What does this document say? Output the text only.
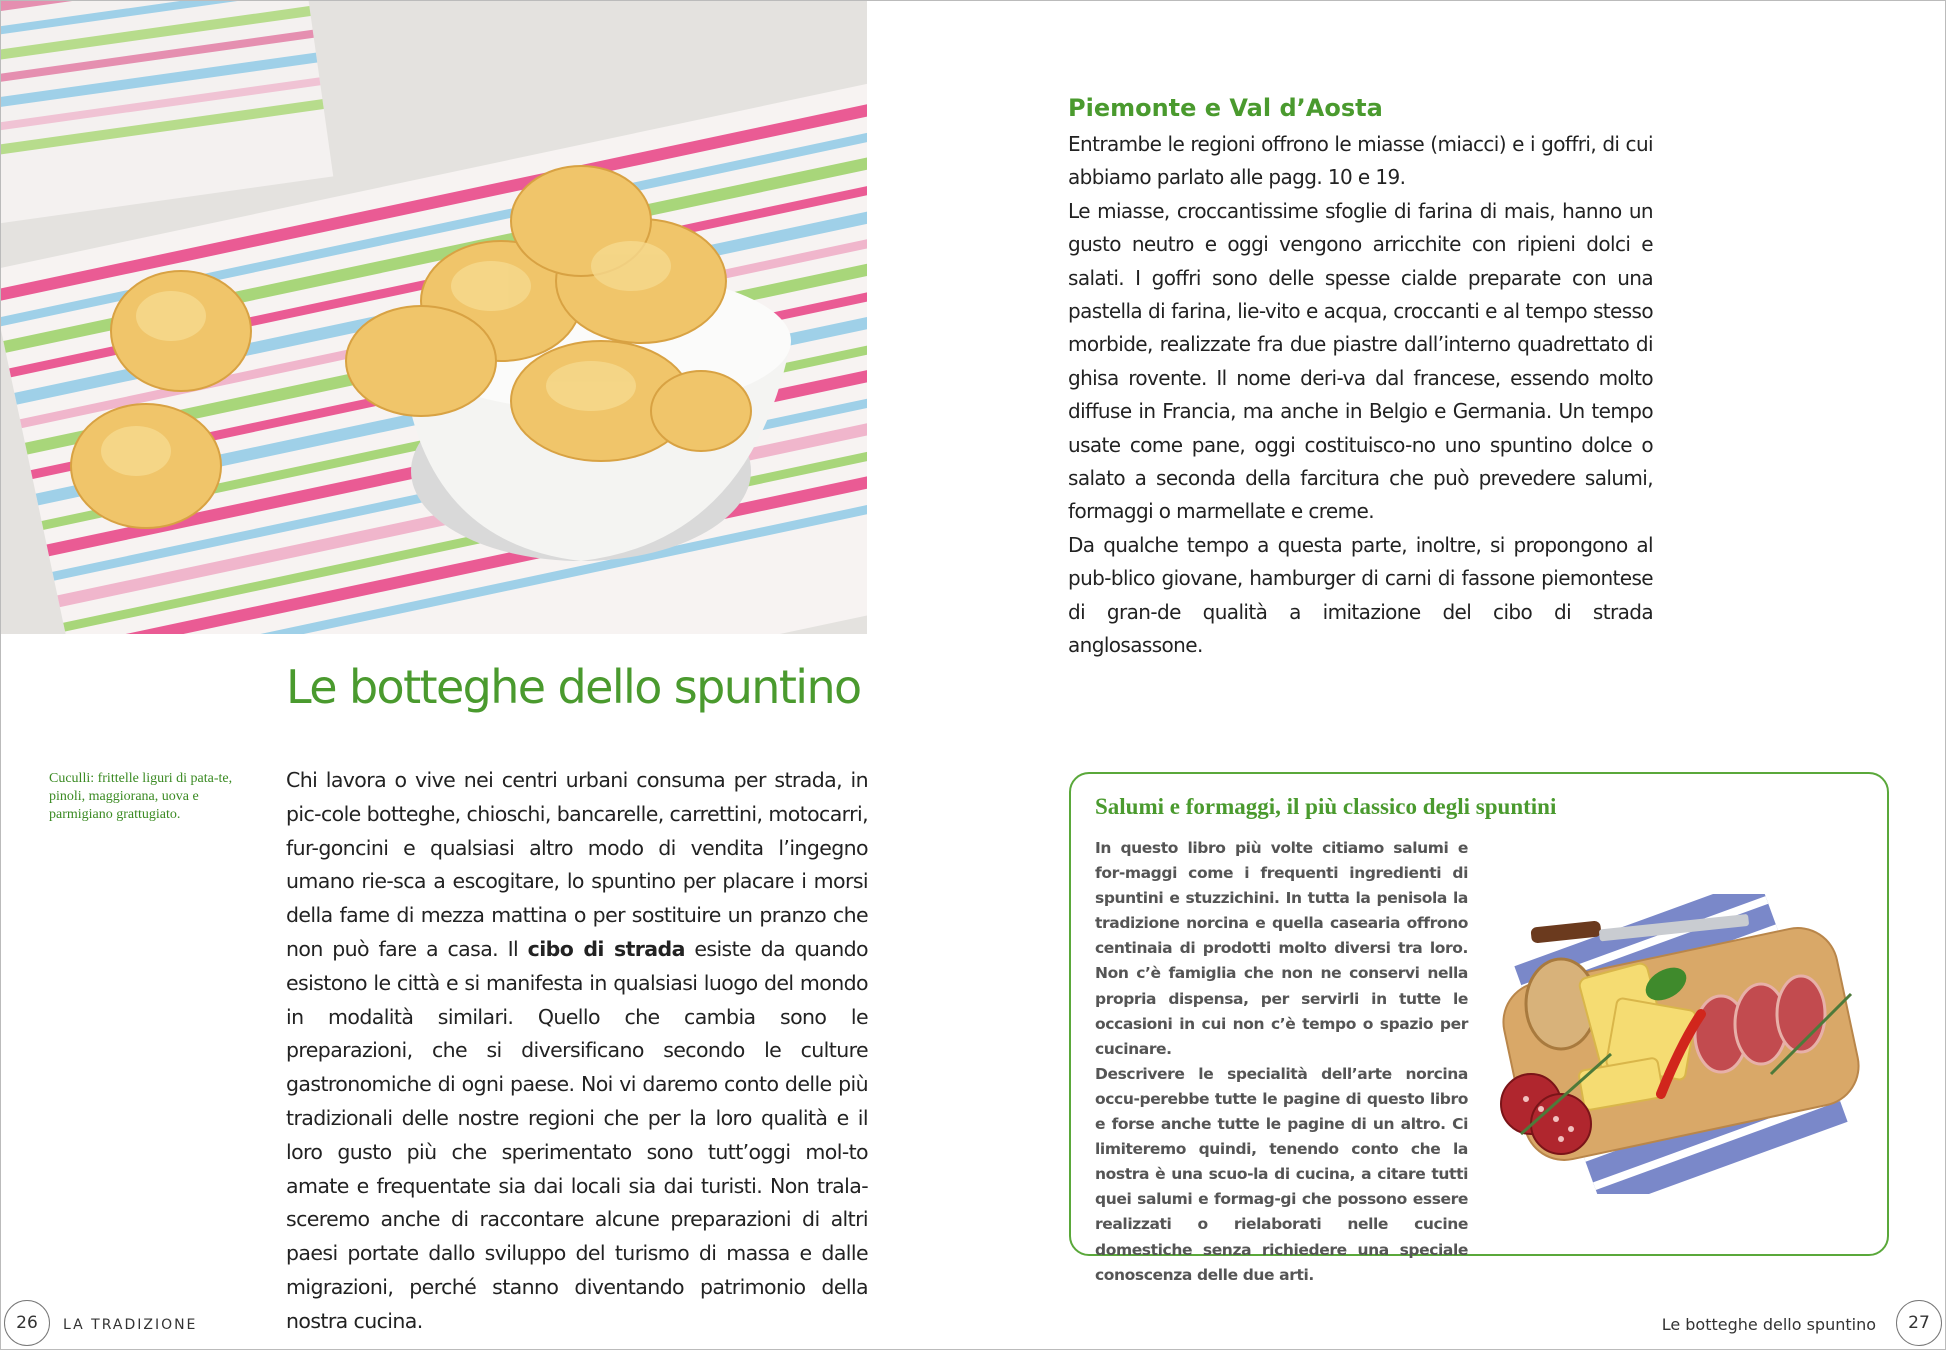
Piemonte e Val d’Aosta

Entrambe le regioni offrono le miasse (miacci) e i goffri, di cui abbiamo parlato alle pagg. 10 e 19.

Le miasse, croccantissime sfoglie di farina di mais, hanno un gusto neutro e oggi vengono arricchite con ripieni dolci e salati. I goffri sono delle spesse cialde preparate con una pastella di farina, lie-vito e acqua, croccanti e al tempo stesso morbide, realizzate fra due piastre dall’interno quadrettato di ghisa rovente. Il nome deri-va dal francese, essendo molto diffuse in Francia, ma anche in Belgio e Germania. Un tempo usate come pane, oggi costituisco-no uno spuntino dolce o salato a seconda della farcitura che può prevedere salumi, formaggi o marmellate e creme.

Da qualche tempo a questa parte, inoltre, si propongono al pub-blico giovane, hamburger di carni di fassone piemontese di gran-de qualità a imitazione del cibo di strada anglosassone.

Le botteghe dello spuntino
Cuculli: frittelle liguri di pata-te, pinoli, maggiorana, uova e parmigiano grattugiato.

Chi lavora o vive nei centri urbani consuma per strada, in pic-cole botteghe, chioschi, bancarelle, carrettini, motocarri, fur-goncini e qualsiasi altro modo di vendita l’ingegno umano rie-sca a escogitare, lo spuntino per placare i morsi della fame di mezza mattina o per sostituire un pranzo che non può fare a casa. Il cibo di strada esiste da quando esistono le città e si manifesta in qualsiasi luogo del mondo in modalità similari. Quello che cambia sono le preparazioni, che si diversificano secondo le culture gastronomiche di ogni paese. Noi vi daremo conto delle più tradizionali delle nostre regioni che per la loro qualità e il loro gusto più che sperimentato sono tutt’oggi mol-to amate e frequentate sia dai locali sia dai turisti. Non trala-sceremo anche di raccontare alcune preparazioni di altri paesi portate dallo sviluppo del turismo di massa e dalle migrazioni, perché stanno diventando patrimonio della nostra cucina.

Salumi e formaggi, il più classico degli spuntini

In questo libro più volte citiamo salumi e for-maggi come i frequenti ingredienti di spuntini e stuzzichini. In tutta la penisola la tradizione norcina e quella casearia offrono centinaia di prodotti molto diversi tra loro. Non c’è famiglia che non ne conservi nella propria dispensa, per servirli in tutte le occasioni in cui non c’è tempo o spazio per cucinare.

Descrivere le specialità dell’arte norcina occu-perebbe tutte le pagine di questo libro e forse anche tutte le pagine di un altro. Ci limiteremo quindi, tenendo conto che la nostra è una scuo-la di cucina, a citare tutti quei salumi e formag-gi che possono essere realizzati o rielaborati nelle cucine domestiche senza richiedere una speciale conoscenza delle due arti.

26	LA TRADIZIONE	Le botteghe dello spuntino	27
